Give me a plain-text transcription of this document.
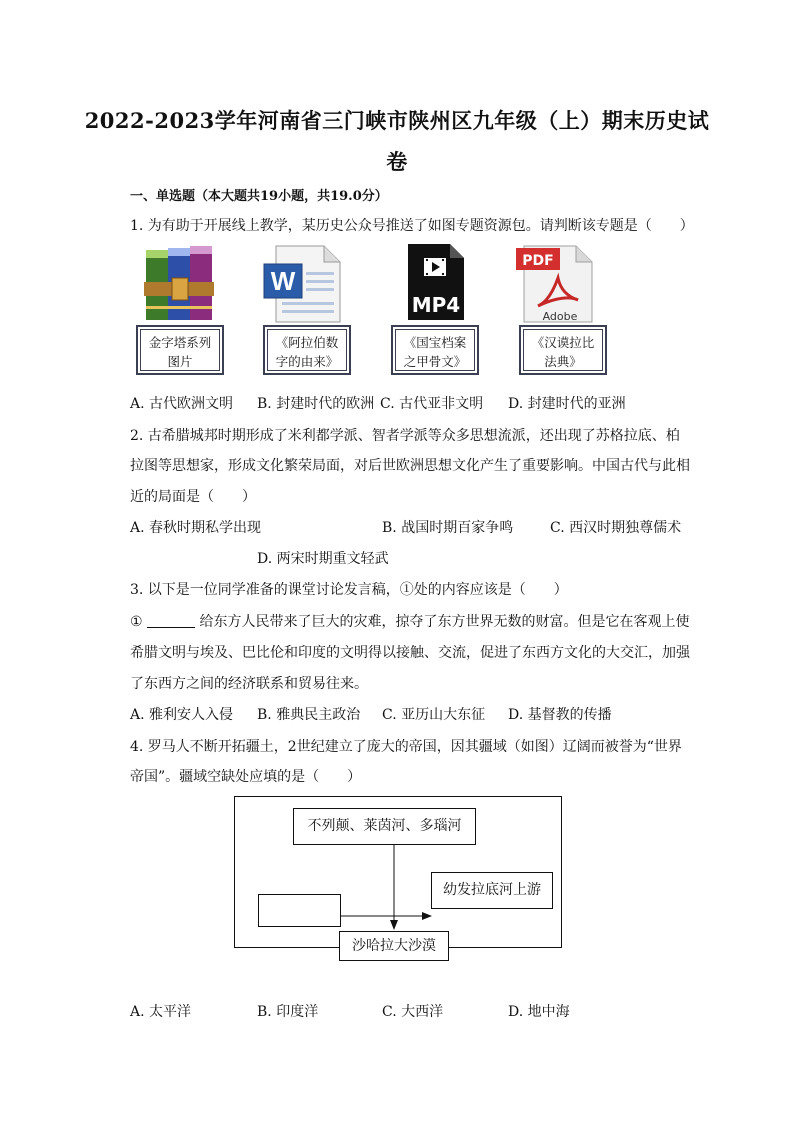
2022-2023学年河南省三门峡市陕州区九年级（上）期末历史试
卷
一、单选题（本大题共19小题，共19.0分）
1. 为有助于开展线上教学，某历史公众号推送了如图专题资源包。请判断该专题是（　　）
W
MP4
PDF
Adobe
金字塔系列
图片
《阿拉伯数
字的由来》
《国宝档案
之甲骨文》
《汉谟拉比
法典》
A. 古代欧洲文明 B. 封建时代的欧洲 C. 古代亚非文明 D. 封建时代的亚洲
2. 古希腊城邦时期形成了米利都学派、智者学派等众多思想流派，还出现了苏格拉底、柏
拉图等思想家，形成文化繁荣局面，对后世欧洲思想文化产生了重要影响。中国古代与此相
近的局面是（　　）
A. 春秋时期私学出现	B. 战国时期百家争鸣	C. 西汉时期独尊儒术
D. 两宋时期重文轻武
3. 以下是一位同学准备的课堂讨论发言稿，①处的内容应该是（　　）
①	给东方人民带来了巨大的灾难，掠夺了东方世界无数的财富。但是它在客观上使
希腊文明与埃及、巴比伦和印度的文明得以接触、交流，促进了东西方文化的大交汇，加强
了东西方之间的经济联系和贸易往来。
A. 雅利安人入侵 B. 雅典民主政治 C. 亚历山大东征 D. 基督教的传播
4. 罗马人不断开拓疆土，2世纪建立了庞大的帝国，因其疆域（如图）辽阔而被誉为“世界
帝国”。疆域空缺处应填的是（　　）
不列颠、莱茵河、多瑙河
幼发拉底河上游
沙哈拉大沙漠
A. 太平洋	B. 印度洋	C. 大西洋	D. 地中海
